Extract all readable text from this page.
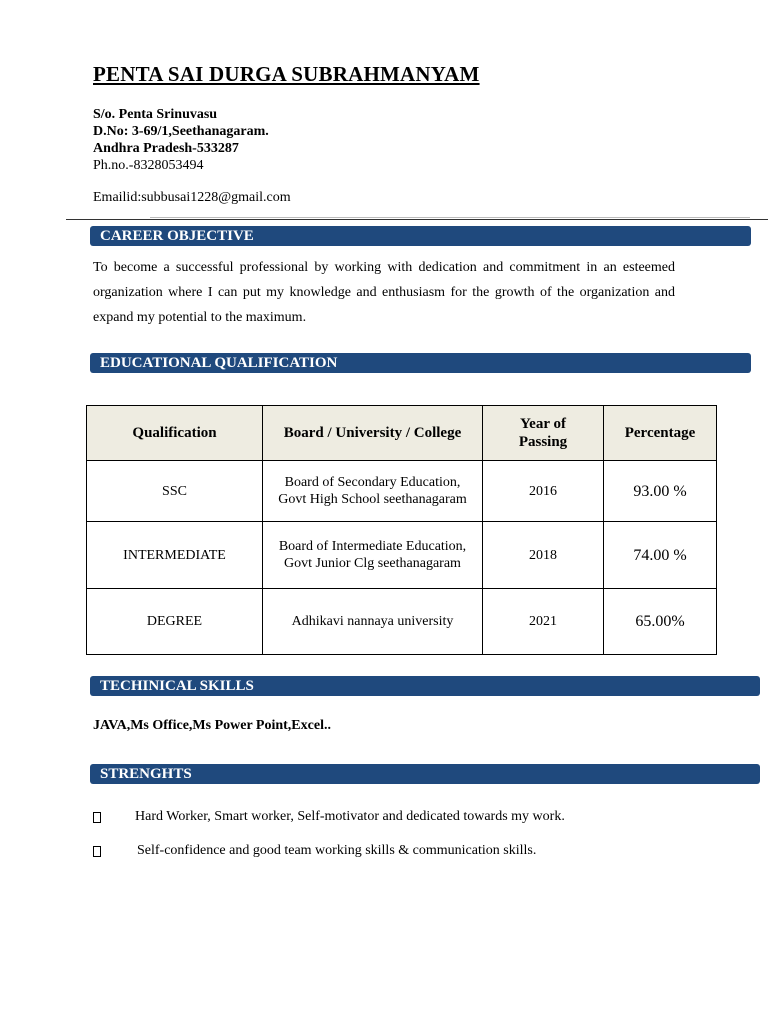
PENTA SAI DURGA SUBRAHMANYAM
S/o. Penta Srinuvasu
D.No: 3-69/1,Seethanagaram.
Andhra Pradesh-533287
Ph.no.-8328053494
Emailid:subbusai1228@gmail.com
CAREER OBJECTIVE
To become a successful professional by working with dedication and commitment in an esteemed organization where I can put my knowledge and enthusiasm for the growth of the organization and expand my potential to the maximum.
EDUCATIONAL QUALIFICATION
Qualification	Board / University / College	Year of Passing	Percentage
SSC	Board of Secondary Education, Govt High School seethanagaram	2016	93.00 %
INTERMEDIATE	Board of Intermediate Education, Govt Junior Clg seethanagaram	2018	74.00 %
DEGREE	Adhikavi nannaya university	2021	65.00%
TECHINICAL SKILLS
JAVA,Ms Office,Ms Power Point,Excel..
STRENGHTS
Hard Worker, Smart worker, Self-motivator and dedicated towards my work.
Self-confidence and good team working skills & communication skills.
